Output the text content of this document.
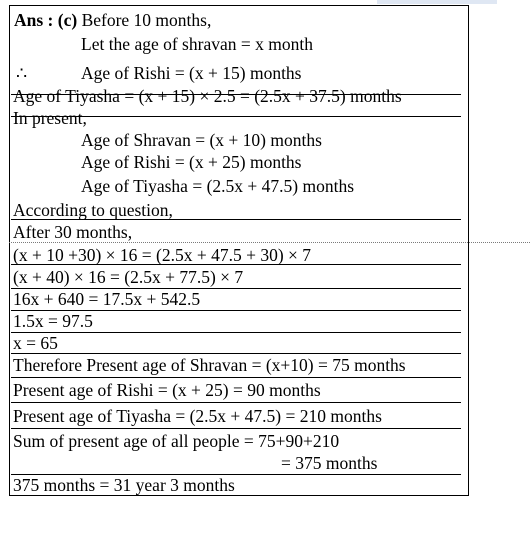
Ans : (c) Before 10 months,
Let the age of shravan = x month
∴	Age of Rishi = (x + 15) months
Age of Tiyasha = (x + 15) × 2.5 = (2.5x + 37.5) months
In present,
Age of Shravan = (x + 10) months
Age of Rishi = (x + 25) months
Age of Tiyasha = (2.5x + 47.5) months
According to question,
After 30 months,
(x + 10 +30) × 16 = (2.5x + 47.5 + 30) × 7
(x + 40) × 16 = (2.5x + 77.5) × 7
16x + 640 = 17.5x + 542.5
1.5x = 97.5
x = 65
Therefore Present age of Shravan = (x+10) = 75 months
Present age of Rishi = (x + 25) = 90 months
Present age of Tiyasha = (2.5x + 47.5) = 210 months
Sum of present age of all people = 75+90+210
= 375 months
375 months = 31 year 3 months
